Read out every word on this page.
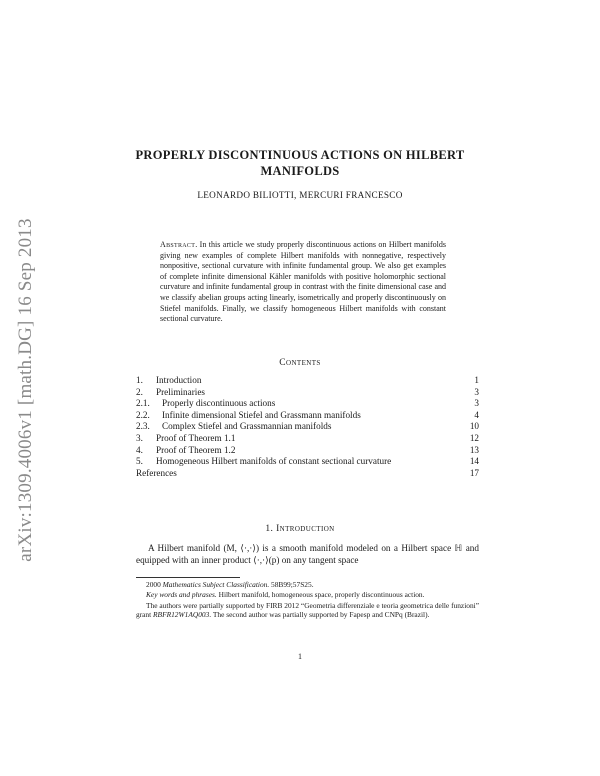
arXiv:1309.4006v1 [math.DG] 16 Sep 2013
PROPERLY DISCONTINUOUS ACTIONS ON HILBERT
MANIFOLDS
LEONARDO BILIOTTI, MERCURI FRANCESCO

Abstract. In this article we study properly discontinuous actions on Hilbert manifolds giving new examples of complete Hilbert manifolds with nonnegative, respectively nonpositive, sectional curvature with infinite fundamental group. We also get examples of complete infinite dimensional Kähler manifolds with positive holomorphic sectional curvature and infinite fundamental group in contrast with the finite dimensional case and we classify abelian groups acting linearly, isometrically and properly discontinuously on Stiefel manifolds. Finally, we classify homogeneous Hilbert manifolds with constant sectional curvature.

Contents
1.	Introduction	1
2.	Preliminaries	3
2.1.	Properly discontinuous actions	3
2.2.	Infinite dimensional Stiefel and Grassmann manifolds	4
2.3.	Complex Stiefel and Grassmannian manifolds	10
3.	Proof of Theorem 1.1	12
4.	Proof of Theorem 1.2	13
5.	Homogeneous Hilbert manifolds of constant sectional curvature	14
References	17
1. Introduction

A Hilbert manifold (M, ⟨·,·⟩) is a smooth manifold modeled on a Hilbert space ℍ and equipped with an inner product ⟨·,·⟩(p) on any tangent space

2000 Mathematics Subject Classification. 58B99;57S25.

Key words and phrases. Hilbert manifold, homogeneous space, properly discontinuous action.

The authors were partially supported by FIRB 2012 “Geometria differenziale e teoria geometrica delle funzioni” grant RBFR12W1AQ003. The second author was partially supported by Fapesp and CNPq (Brazil).

1
